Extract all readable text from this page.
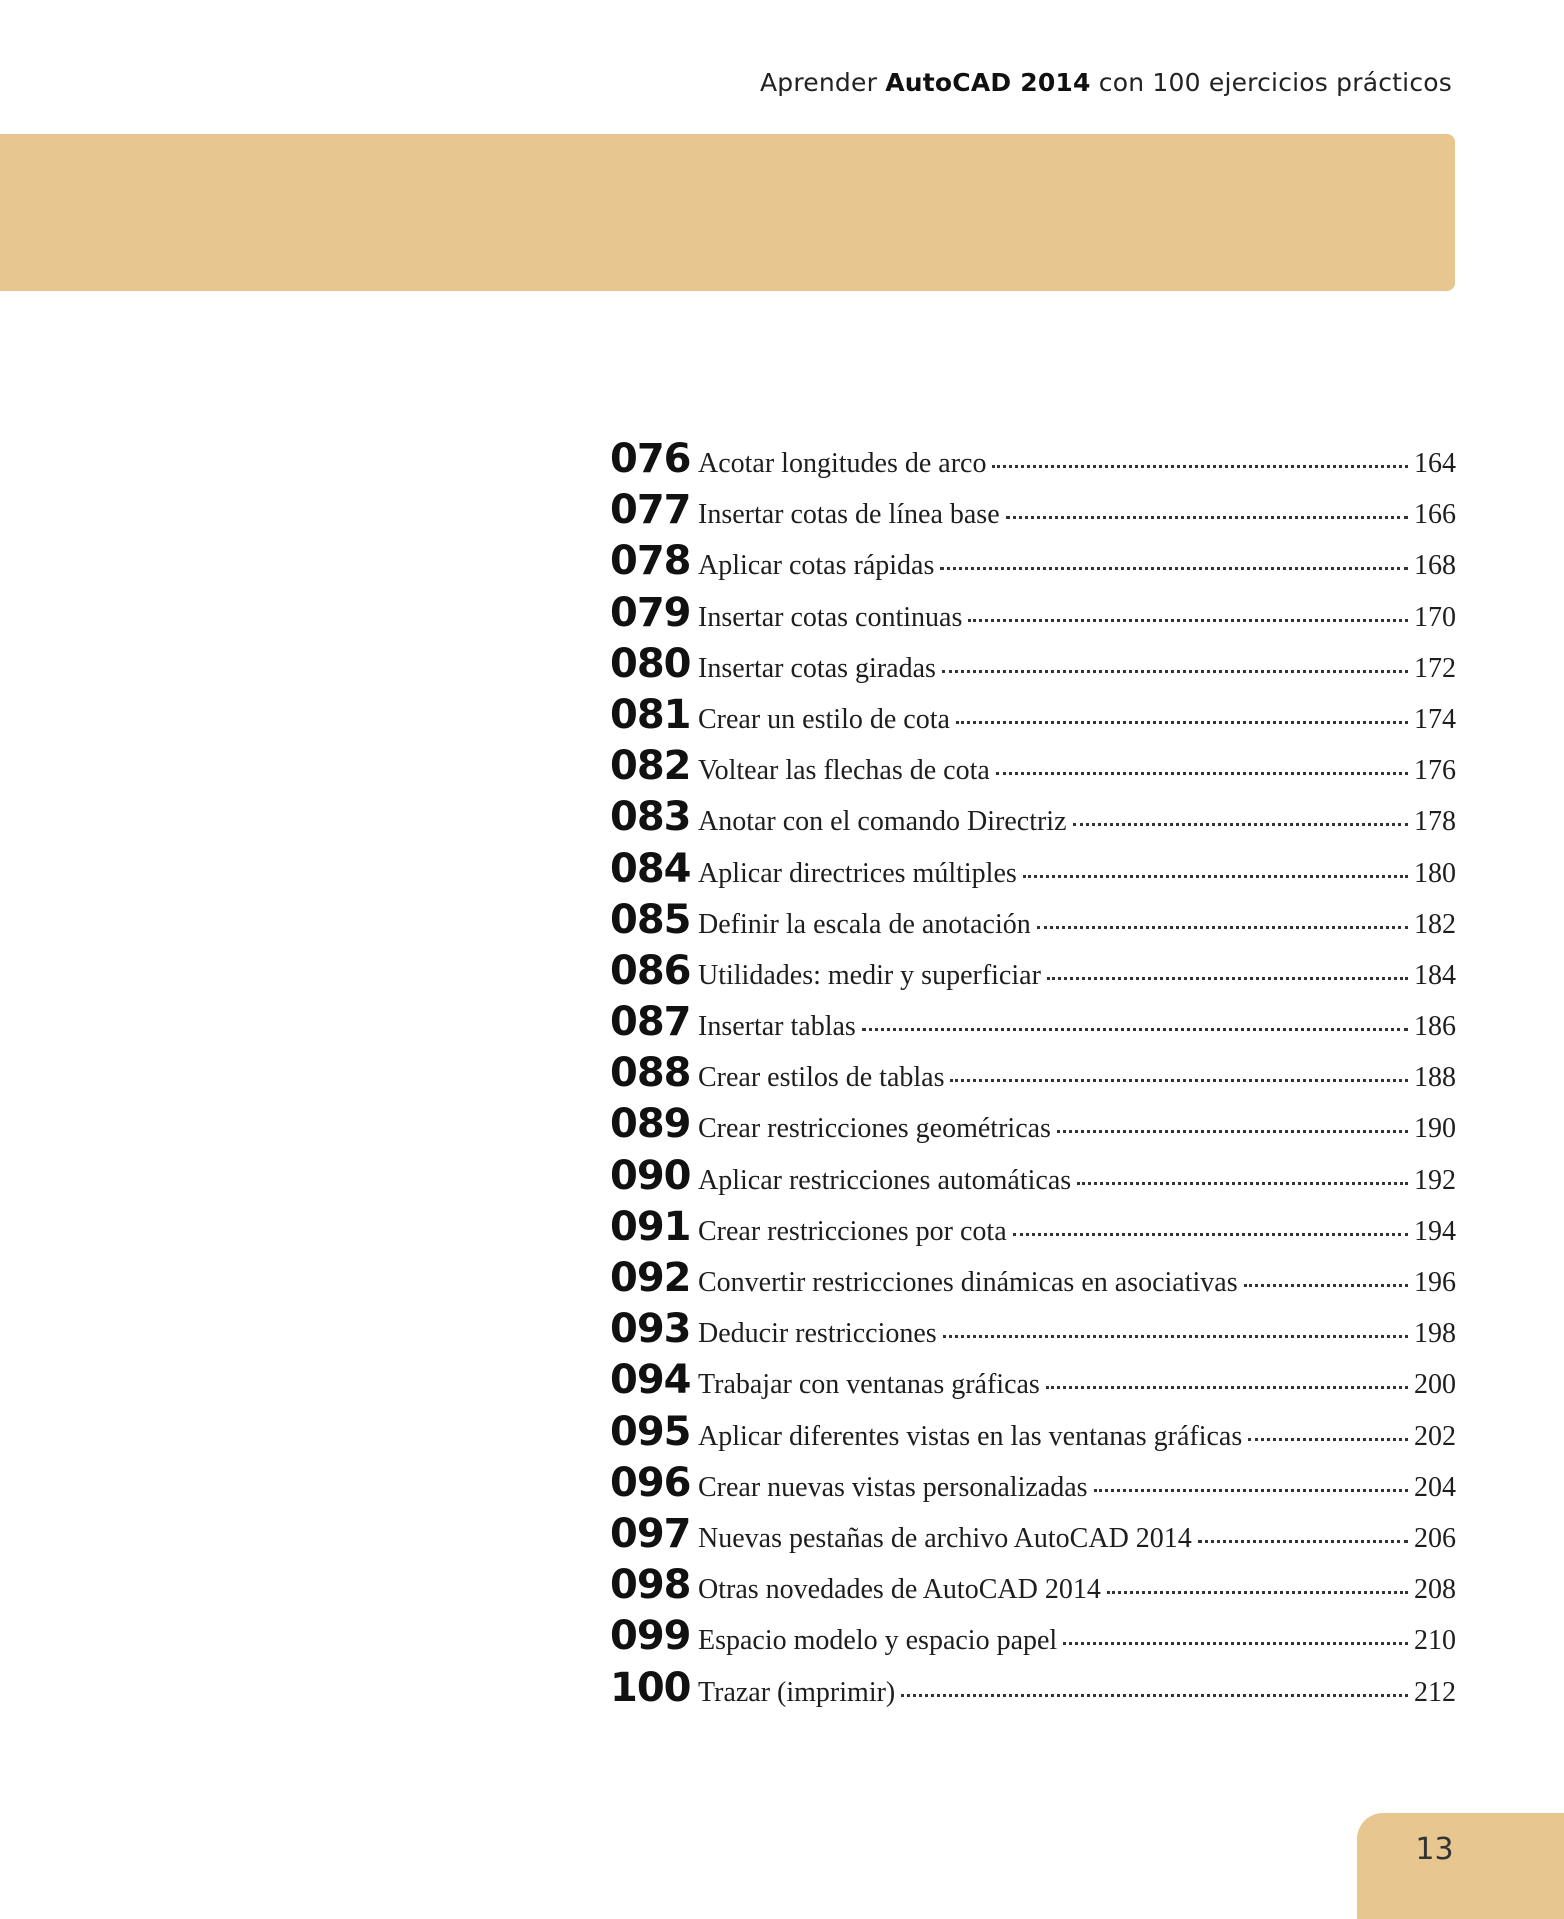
Aprender AutoCAD 2014 con 100 ejercicios prácticos
076 Acotar longitudes de arco	164
077 Insertar cotas de línea base	166
078 Aplicar cotas rápidas	168
079 Insertar cotas continuas	170
080 Insertar cotas giradas	172
081 Crear un estilo de cota	174
082 Voltear las flechas de cota	176
083 Anotar con el comando Directriz	178
084 Aplicar directrices múltiples	180
085 Definir la escala de anotación	182
086 Utilidades: medir y superficiar	184
087 Insertar tablas	186
088 Crear estilos de tablas	188
089 Crear restricciones geométricas	190
090 Aplicar restricciones automáticas	192
091 Crear restricciones por cota	194
092 Convertir restricciones dinámicas en asociativas	196
093 Deducir restricciones	198
094 Trabajar con ventanas gráficas	200
095 Aplicar diferentes vistas en las ventanas gráficas	202
096 Crear nuevas vistas personalizadas	204
097 Nuevas pestañas de archivo AutoCAD 2014	206
098 Otras novedades de AutoCAD 2014	208
099 Espacio modelo y espacio papel	210
100 Trazar (imprimir)	212
13
